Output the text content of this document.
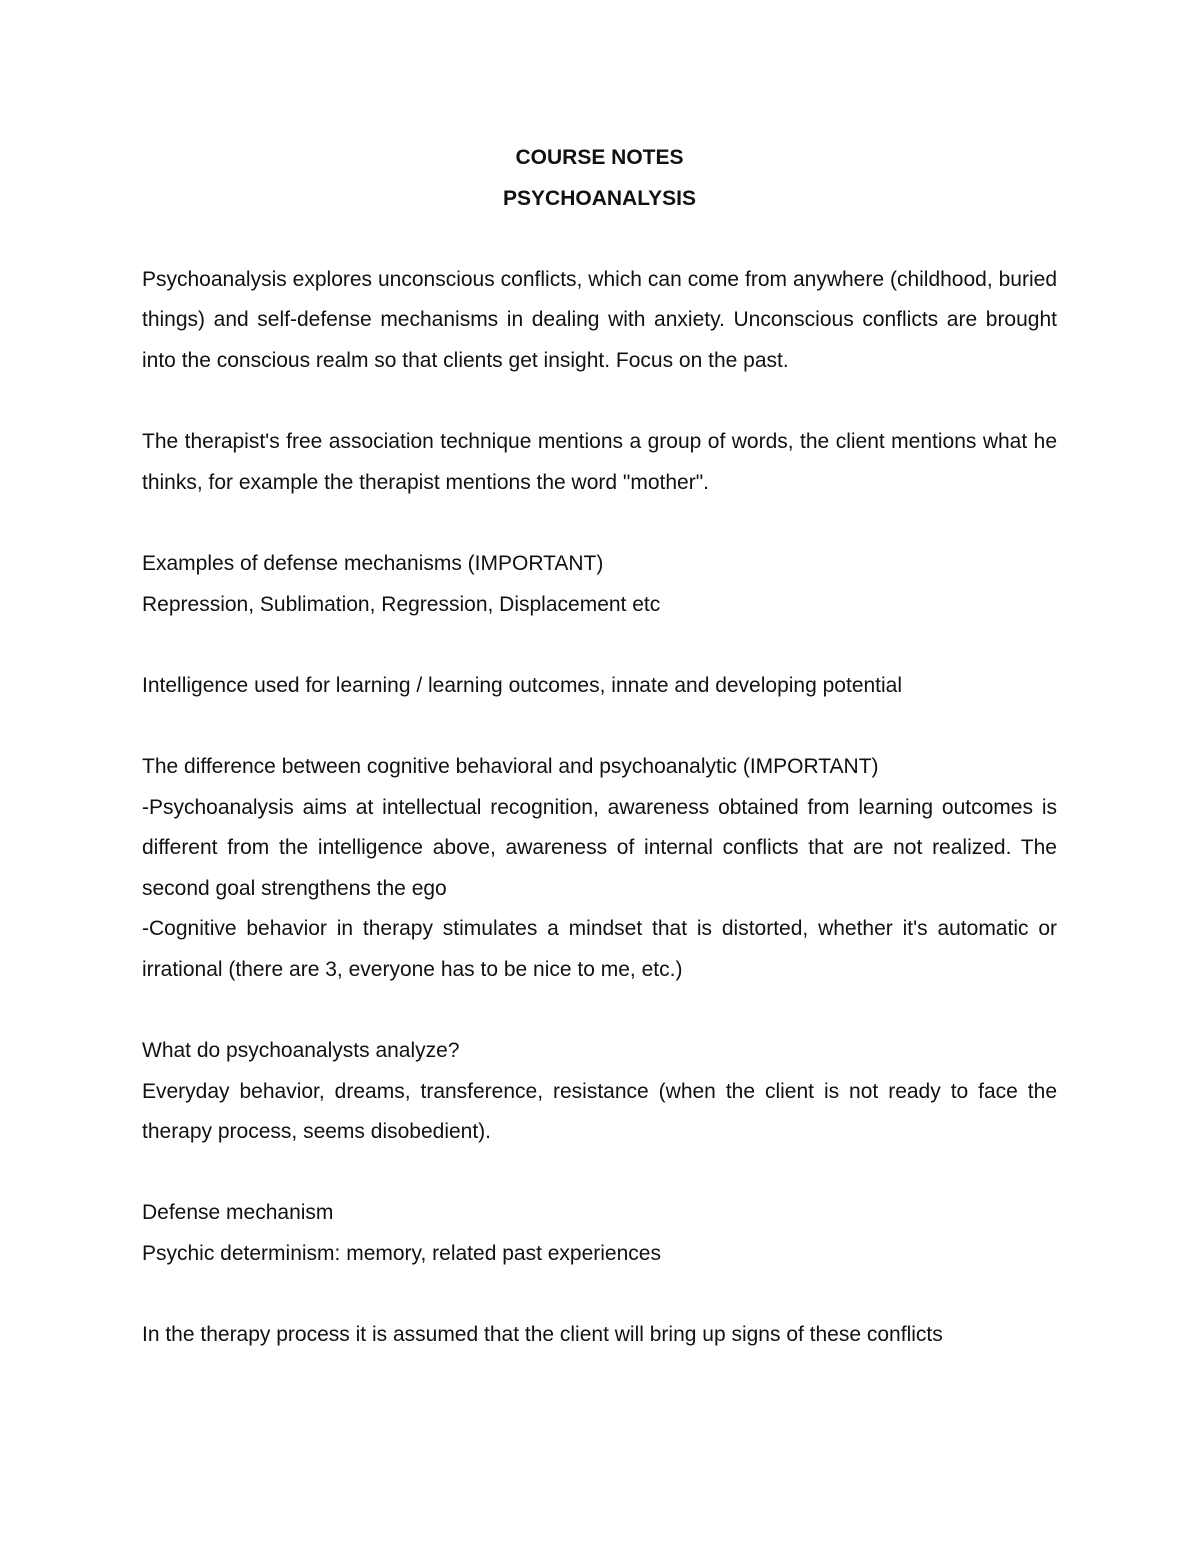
COURSE NOTES

PSYCHOANALYSIS

Psychoanalysis explores unconscious conflicts, which can come from anywhere (childhood, buried things) and self-defense mechanisms in dealing with anxiety. Unconscious conflicts are brought into the conscious realm so that clients get insight. Focus on the past.

The therapist's free association technique mentions a group of words, the client mentions what he thinks, for example the therapist mentions the word "mother".

Examples of defense mechanisms (IMPORTANT)

Repression, Sublimation, Regression, Displacement etc

Intelligence used for learning / learning outcomes, innate and developing potential

The difference between cognitive behavioral and psychoanalytic (IMPORTANT)

-Psychoanalysis aims at intellectual recognition, awareness obtained from learning outcomes is different from the intelligence above, awareness of internal conflicts that are not realized. The second goal strengthens the ego

-Cognitive behavior in therapy stimulates a mindset that is distorted, whether it's automatic or irrational (there are 3, everyone has to be nice to me, etc.)

What do psychoanalysts analyze?

Everyday behavior, dreams, transference, resistance (when the client is not ready to face the therapy process, seems disobedient).

Defense mechanism

Psychic determinism: memory, related past experiences

In the therapy process it is assumed that the client will bring up signs of these conflicts
